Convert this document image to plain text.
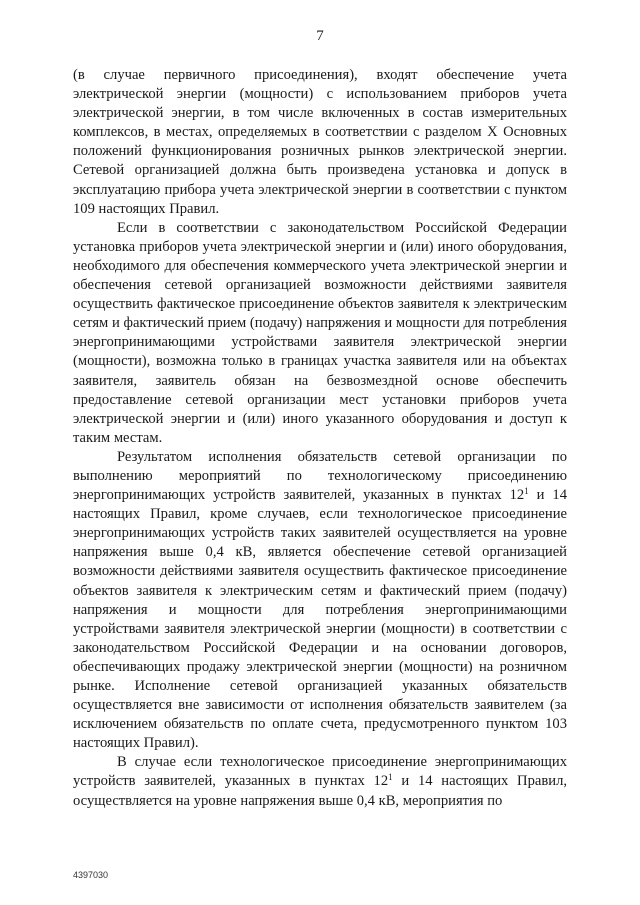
7

(в случае первичного присоединения), входят обеспечение учета электрической энергии (мощности) с использованием приборов учета электрической энергии, в том числе включенных в состав измерительных комплексов, в местах, определяемых в соответствии с разделом X Основных положений функционирования розничных рынков электрической энергии. Сетевой организацией должна быть произведена установка и допуск в эксплуатацию прибора учета электрической энергии в соответствии с пунктом 109 настоящих Правил.

Если в соответствии с законодательством Российской Федерации установка приборов учета электрической энергии и (или) иного оборудования, необходимого для обеспечения коммерческого учета электрической энергии и обеспечения сетевой организацией возможности действиями заявителя осуществить фактическое присоединение объектов заявителя к электрическим сетям и фактический прием (подачу) напряжения и мощности для потребления энергопринимающими устройствами заявителя электрической энергии (мощности), возможна только в границах участка заявителя или на объектах заявителя, заявитель обязан на безвозмездной основе обеспечить предоставление сетевой организации мест установки приборов учета электрической энергии и (или) иного указанного оборудования и доступ к таким местам.

Результатом исполнения обязательств сетевой организации по выполнению мероприятий по технологическому присоединению энергопринимающих устройств заявителей, указанных в пунктах $12^1$ и 14 настоящих Правил, кроме случаев, если технологическое присоединение энергопринимающих устройств таких заявителей осуществляется на уровне напряжения выше 0,4 кВ, является обеспечение сетевой организацией возможности действиями заявителя осуществить фактическое присоединение объектов заявителя к электрическим сетям и фактический прием (подачу) напряжения и мощности для потребления энергопринимающими устройствами заявителя электрической энергии (мощности) в соответствии с законодательством Российской Федерации и на основании договоров, обеспечивающих продажу электрической энергии (мощности) на розничном рынке. Исполнение сетевой организацией указанных обязательств осуществляется вне зависимости от исполнения обязательств заявителем (за исключением обязательств по оплате счета, предусмотренного пунктом 103 настоящих Правил).

В случае если технологическое присоединение энергопринимающих устройств заявителей, указанных в пунктах $12^1$ и 14 настоящих Правил, осуществляется на уровне напряжения выше 0,4 кВ, мероприятия по

4397030
